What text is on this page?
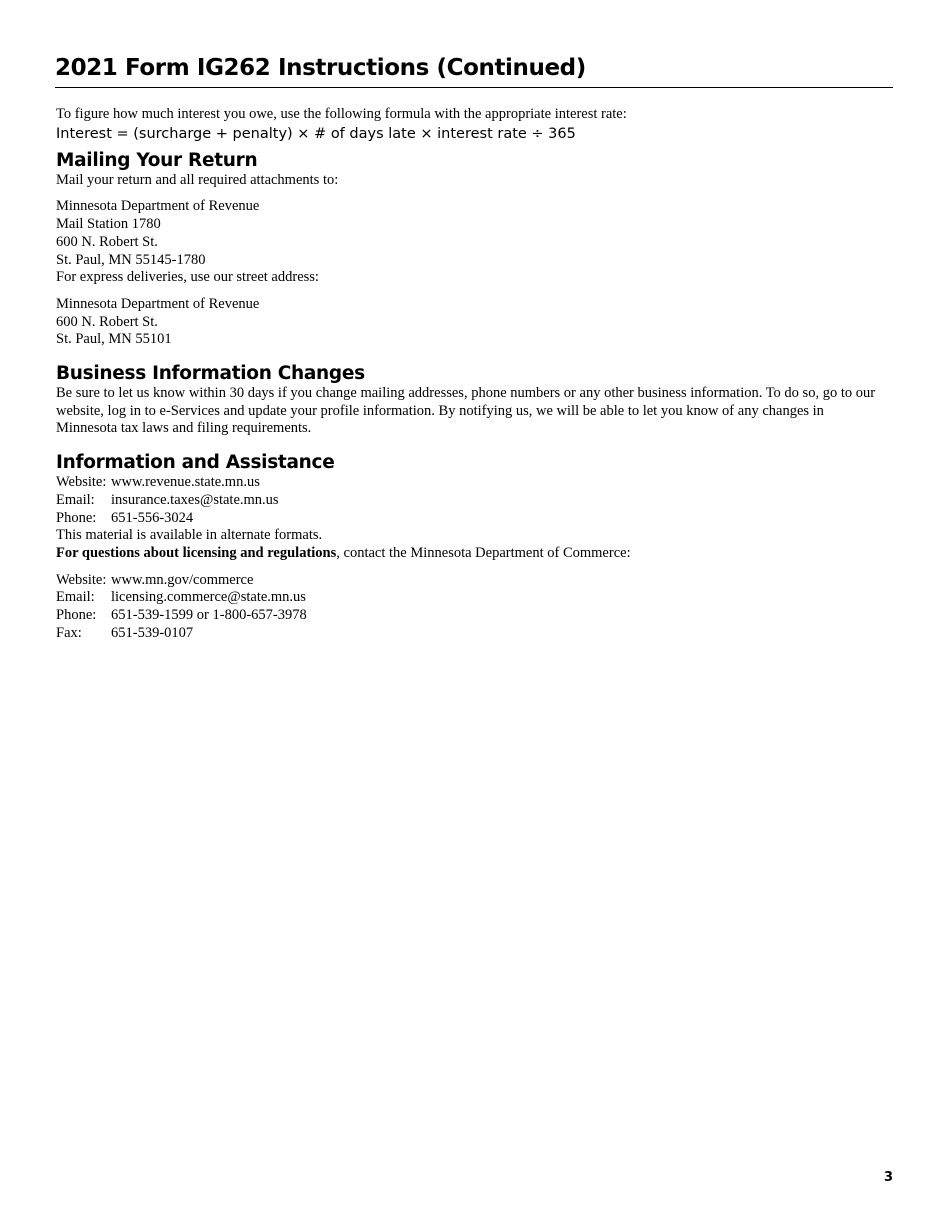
2021 Form IG262 Instructions (Continued)

To figure how much interest you owe, use the following formula with the appropriate interest rate:

Interest = (surcharge + penalty) × # of days late × interest rate ÷ 365

Mailing Your Return

Mail your return and all required attachments to:

Minnesota Department of Revenue

Mail Station 1780

600 N. Robert St.

St. Paul, MN 55145-1780

For express deliveries, use our street address:

Minnesota Department of Revenue

600 N. Robert St.

St. Paul, MN 55101

Business Information Changes

Be sure to let us know within 30 days if you change mailing addresses, phone numbers or any other business information. To do so, go to our website, log in to e-Services and update your profile information. By notifying us, we will be able to let you know of any changes in Minnesota tax laws and filing requirements.

Information and Assistance
Website: www.revenue.state.mn.us
Email:	insurance.taxes@state.mn.us
Phone:	651-556-3024

This material is available in alternate formats.

For questions about licensing and regulations, contact the Minnesota Department of Commerce:

Website: www.mn.gov/commerce
Email:	licensing.commerce@state.mn.us
Phone:	651-539-1599 or 1-800-657-3978
Fax:	651-539-0107
3
